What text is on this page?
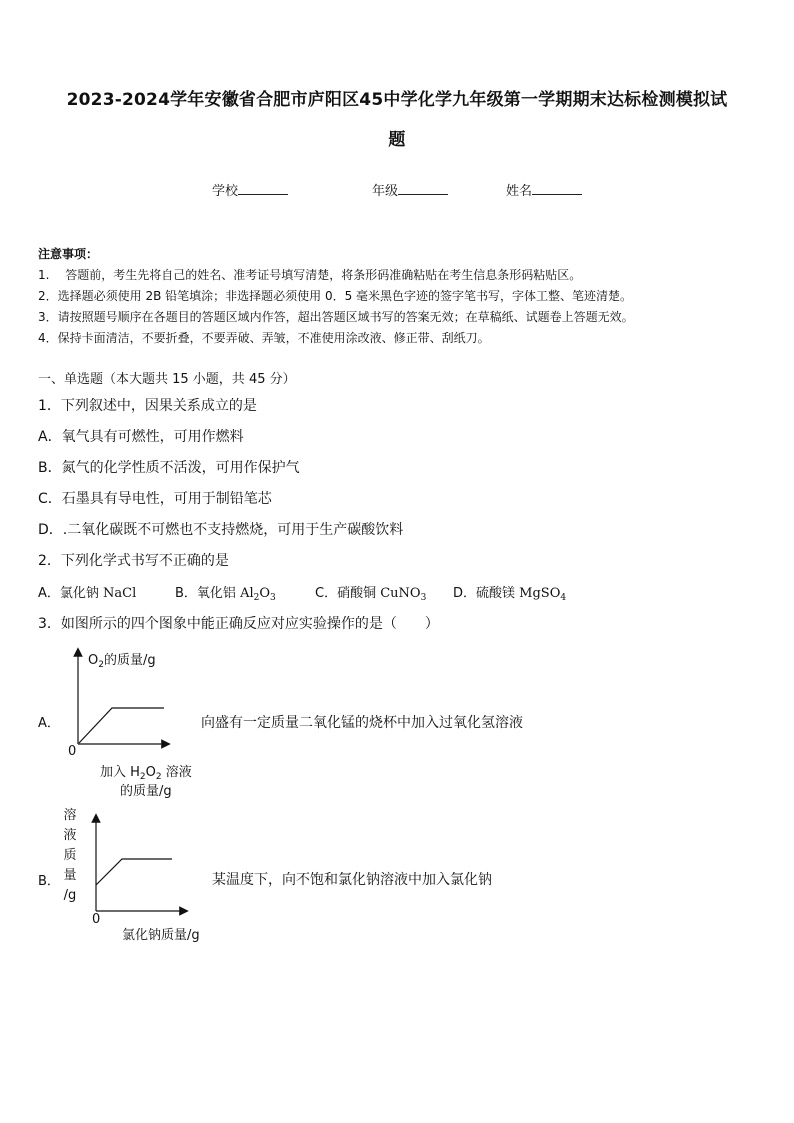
2023-2024学年安徽省合肥市庐阳区45中学化学九年级第一学期期末达标检测模拟试
题
学校	年级	姓名
注意事项：
1.　 答题前，考生先将自己的姓名、准考证号填写清楚，将条形码准确粘贴在考生信息条形码粘贴区。
2．选择题必须使用 2B 铅笔填涂；非选择题必须使用 0．5 毫米黑色字迹的签字笔书写，字体工整、笔迹清楚。
3．请按照题号顺序在各题目的答题区域内作答，超出答题区域书写的答案无效；在草稿纸、试题卷上答题无效。
4．保持卡面清洁，不要折叠，不要弄破、弄皱，不准使用涂改液、修正带、刮纸刀。
一、单选题（本大题共 15 小题，共 45 分）
1．下列叙述中，因果关系成立的是
A．氧气具有可燃性，可用作燃料
B．氮气的化学性质不活泼，可用作保护气
C．石墨具有导电性，可用于制铅笔芯
D．.二氧化碳既不可燃也不支持燃烧，可用于生产碳酸饮料
2．下列化学式书写不正确的是
A．氯化钠 NaCl	B．氧化铝 $Al_2O_3$	C．硝酸铜 CuNO$_3$ D．硫酸镁 MgSO$_4$
3．如图所示的四个图象中能正确反应对应实验操作的是（　　）
A．
$O_2$的质量/g
0
加入 $H_2O_2$ 溶液
的质量/g
向盛有一定质量二氧化锰的烧杯中加入过氧化氢溶液
B．
溶
液
质
量
/g
0
氯化钠质量/g
某温度下，向不饱和氯化钠溶液中加入氯化钠
